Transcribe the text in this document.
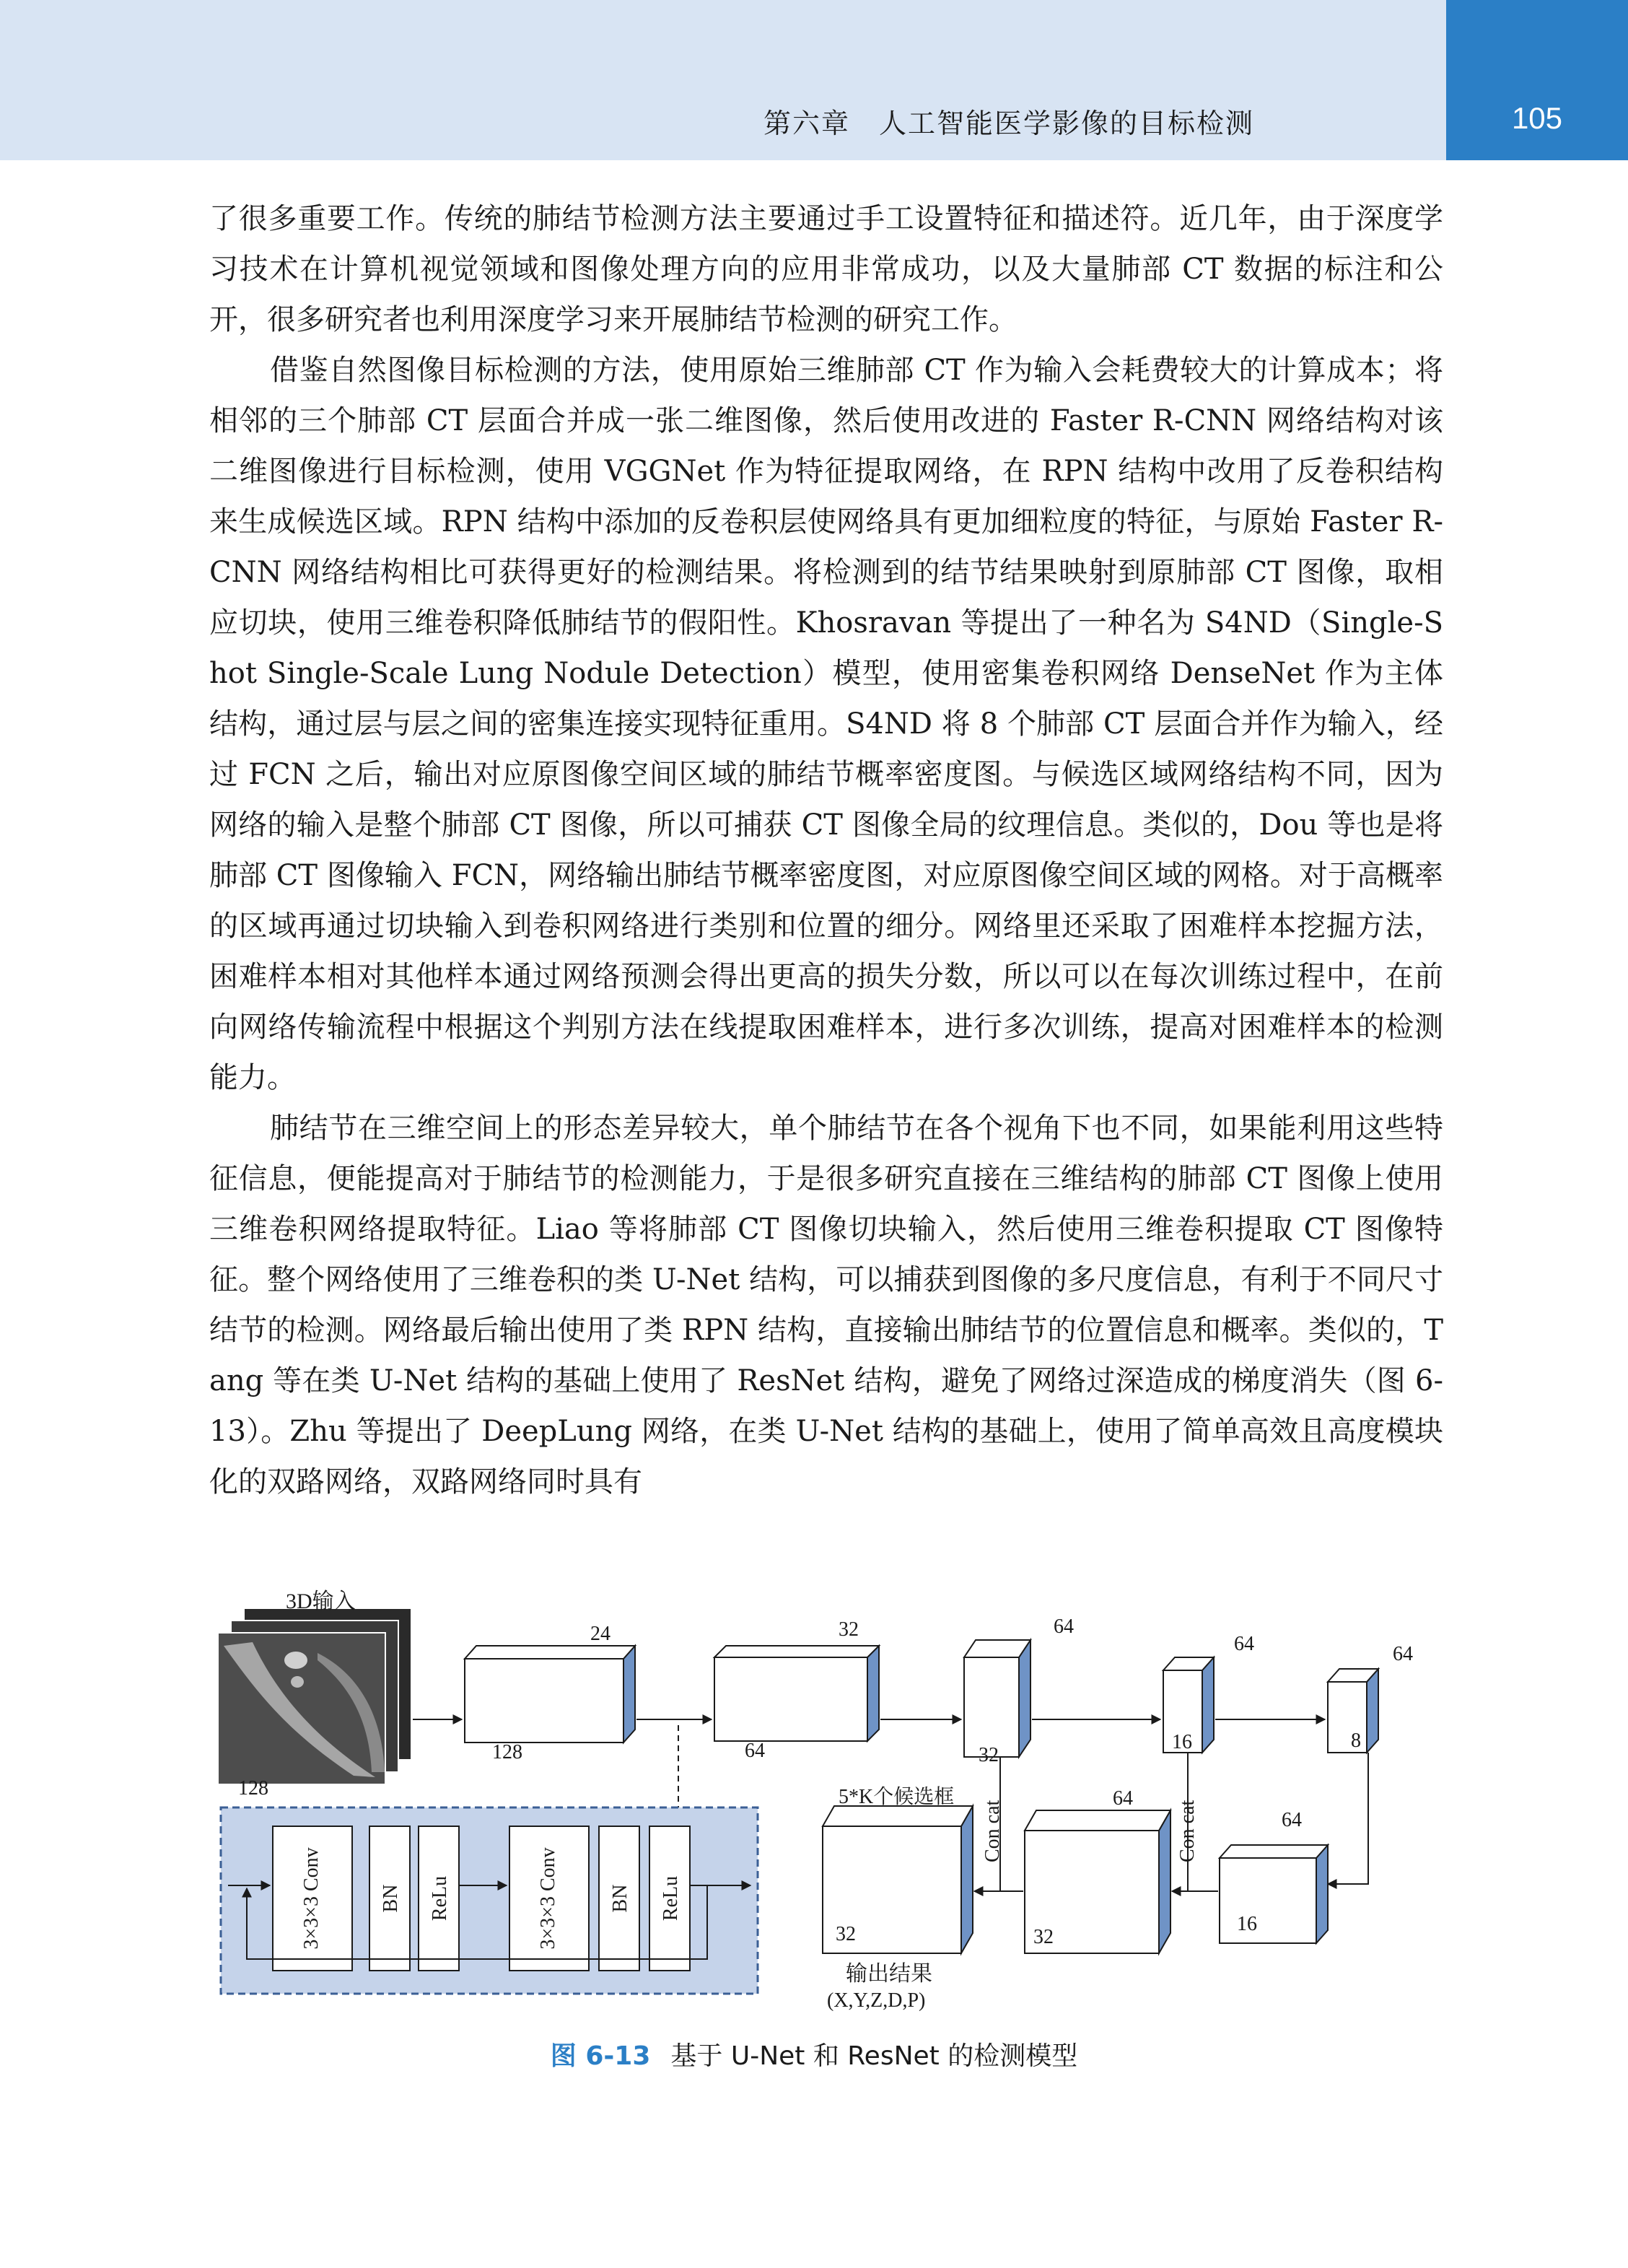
第六章　人工智能医学影像的目标检测	105

了很多重要工作。传统的肺结节检测方法主要通过手工设置特征和描述符。近几年，由于深度学习技术在计算机视觉领域和图像处理方向的应用非常成功，以及大量肺部 CT 数据的标注和公开，很多研究者也利用深度学习来开展肺结节检测的研究工作。

借鉴自然图像目标检测的方法，使用原始三维肺部 CT 作为输入会耗费较大的计算成本；将相邻的三个肺部 CT 层面合并成一张二维图像，然后使用改进的 Faster R-CNN 网络结构对该二维图像进行目标检测，使用 VGGNet 作为特征提取网络，在 RPN 结构中改用了反卷积结构来生成候选区域。RPN 结构中添加的反卷积层使网络具有更加细粒度的特征，与原始 Faster R-CNN 网络结构相比可获得更好的检测结果。将检测到的结节结果映射到原肺部 CT 图像，取相应切块，使用三维卷积降低肺结节的假阳性。Khosravan 等提出了一种名为 S4ND（Single-Shot Single-Scale Lung Nodule Detection）模型，使用密集卷积网络 DenseNet 作为主体结构，通过层与层之间的密集连接实现特征重用。S4ND 将 8 个肺部 CT 层面合并作为输入，经过 FCN 之后，输出对应原图像空间区域的肺结节概率密度图。与候选区域网络结构不同，因为网络的输入是整个肺部 CT 图像，所以可捕获 CT 图像全局的纹理信息。类似的，Dou 等也是将肺部 CT 图像输入 FCN，网络输出肺结节概率密度图，对应原图像空间区域的网格。对于高概率的区域再通过切块输入到卷积网络进行类别和位置的细分。网络里还采取了困难样本挖掘方法，困难样本相对其他样本通过网络预测会得出更高的损失分数，所以可以在每次训练过程中，在前向网络传输流程中根据这个判别方法在线提取困难样本，进行多次训练，提高对困难样本的检测能力。

肺结节在三维空间上的形态差异较大，单个肺结节在各个视角下也不同，如果能利用这些特征信息，便能提高对于肺结节的检测能力，于是很多研究直接在三维结构的肺部 CT 图像上使用三维卷积网络提取特征。Liao 等将肺部 CT 图像切块输入，然后使用三维卷积提取 CT 图像特征。整个网络使用了三维卷积的类 U-Net 结构，可以捕获到图像的多尺度信息，有利于不同尺寸结节的检测。网络最后输出使用了类 RPN 结构，直接输出肺结节的位置信息和概率。类似的，Tang 等在类 U-Net 结构的基础上使用了 ResNet 结构，避免了网络过深造成的梯度消失（图 6-13）。Zhu 等提出了 DeepLung 网络，在类 U-Net 结构的基础上，使用了简单高效且高度模块化的双路网络，双路网络同时具有

3D输入
128
24
128
32
64
64
32
64
16
64
8
64
16
64
32
32
Con cat	Con cat
5*K个候选框
输出结果
(X,Y,Z,D,P)
3×3×3 Conv	BN ReLu	3×3×3 Conv BN ReLu
图 6-13 基于 U-Net 和 ResNet 的检测模型
